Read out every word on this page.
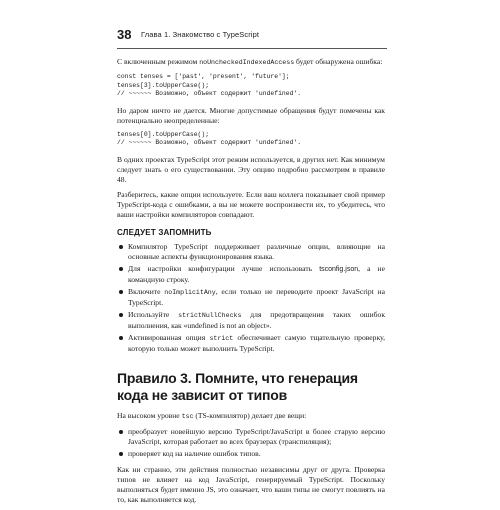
38 Глава 1. Знакомство с TypeScript

С включенным режимом noUncheckedIndexedAccess будет обнаружена ошибка:

const tenses = ['past', 'present', 'future'];
tenses[3].toUpperCase();
// ~~~~~~ Возможно, объект содержит 'undefined'.

Но даром ничто не дается. Многие допустимые обращения будут помечены как потенциально неопределенные:

tenses[0].toUpperCase();
// ~~~~~~ Возможно, объект содержит 'undefined'.

В одних проектах TypeScript этот режим используется, в других нет. Как минимум следует знать о его существовании. Эту опцию подробно рассмотрим в правиле 48.

Разберитесь, какие опции используете. Если ваш коллега показывает свой пример TypeScript-кода с ошибками, а вы не можете воспроизвести их, то убедитесь, что ваши настройки компиляторов совпадают.

СЛЕДУЕТ ЗАПОМНИТЬ
Компилятор TypeScript поддерживает различные опции, влияющие на основные аспекты функционирования языка.
Для настройки конфигурации лучше использовать tsconfig.json, а не командную строку.
Включите noImplicitAny, если только не переводите проект JavaScript на TypeScript.
Используйте strictNullChecks для предотвращения таких ошибок выполнения, как «undefined is not an object».
Активированная опция strict обеспечивает самую тщательную проверку, которую только может выполнить TypeScript.
Правило 3. Помните, что генерация кода не зависит от типов

На высоком уровне tsc (TS-компилятор) делает две вещи:

преобразует новейшую версию TypeScript/JavaScript в более старую версию JavaScript, которая работает во всех браузерах (транспиляция);
проверяет код на наличие ошибок типов.

Как ни странно, эти действия полностью независимы друг от друга. Проверка типов не влияет на код JavaScript, генерируемый TypeScript. Поскольку выполняться будет именно JS, это означает, что ваши типы не смогут повлиять на то, как выполняется код.
